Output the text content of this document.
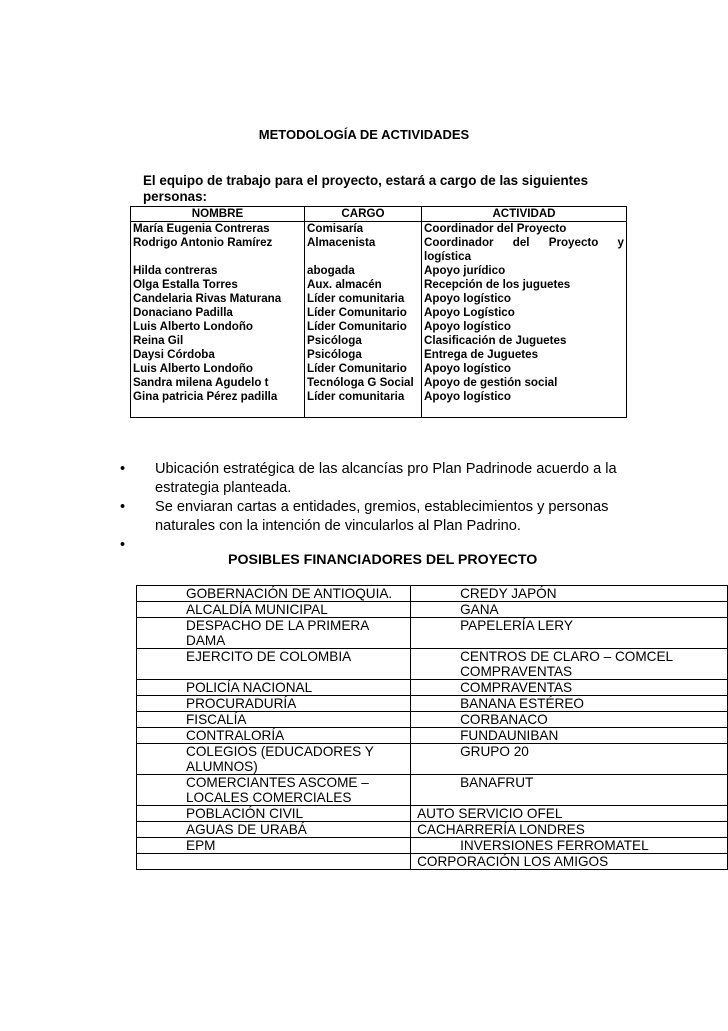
METODOLOGÍA DE ACTIVIDADES
El equipo de trabajo para el proyecto, estará a cargo de las siguientes personas:
NOMBRE	CARGO	ACTIVIDAD
María Eugenia Contreras	Comisaría	Coordinador del Proyecto
Rodrigo Antonio Ramírez	Almacenista	Coordinador del Proyecto y logística
Hilda contreras	abogada	Apoyo jurídico
Olga Estalla Torres	Aux. almacén	Recepción de los juguetes
Candelaria Rivas Maturana	Líder comunitaria	Apoyo logístico
Donaciano Padilla	Líder Comunitario	Apoyo Logístico
Luis Alberto Londoño	Líder Comunitario	Apoyo logístico
Reina Gil	Psicóloga	Clasificación de Juguetes
Daysi Córdoba	Psicóloga	Entrega de Juguetes
Luis Alberto Londoño	Líder Comunitario	Apoyo logístico
Sandra milena Agudelo t	Tecnóloga G Social	Apoyo de gestión social
Gina patricia Pérez padilla	Líder comunitaria	Apoyo logístico

• Ubicación estratégica de las alcancías pro Plan Padrinode acuerdo a la estrategia planteada.
• Se enviaran cartas a entidades, gremios, establecimientos y personas naturales con la intención de vincularlos al Plan Padrino.
•
POSIBLES FINANCIADORES DEL PROYECTO
GOBERNACIÓN DE ANTIOQUIA.	CREDY JAPÓN
ALCALDÍA MUNICIPAL	GANA
DESPACHO DE LA PRIMERA DAMA	PAPELERÍA LERY
EJERCITO DE COLOMBIA	CENTROS DE CLARO – COMCEL COMPRAVENTAS
POLICÍA NACIONAL	COMPRAVENTAS
PROCURADURÍA	BANANA ESTÉREO
FISCALÍA	CORBANACO
CONTRALORÍA	FUNDAUNIBAN
COLEGIOS (EDUCADORES Y ALUMNOS)	GRUPO 20
COMERCIANTES ASCOME – LOCALES COMERCIALES	BANAFRUT
POBLACIÓN CIVIL	AUTO SERVICIO OFEL
AGUAS DE URABÁ	CACHARRERÍA LONDRES
EPM	INVERSIONES FERROMATEL
	CORPORACIÓN LOS AMIGOS
